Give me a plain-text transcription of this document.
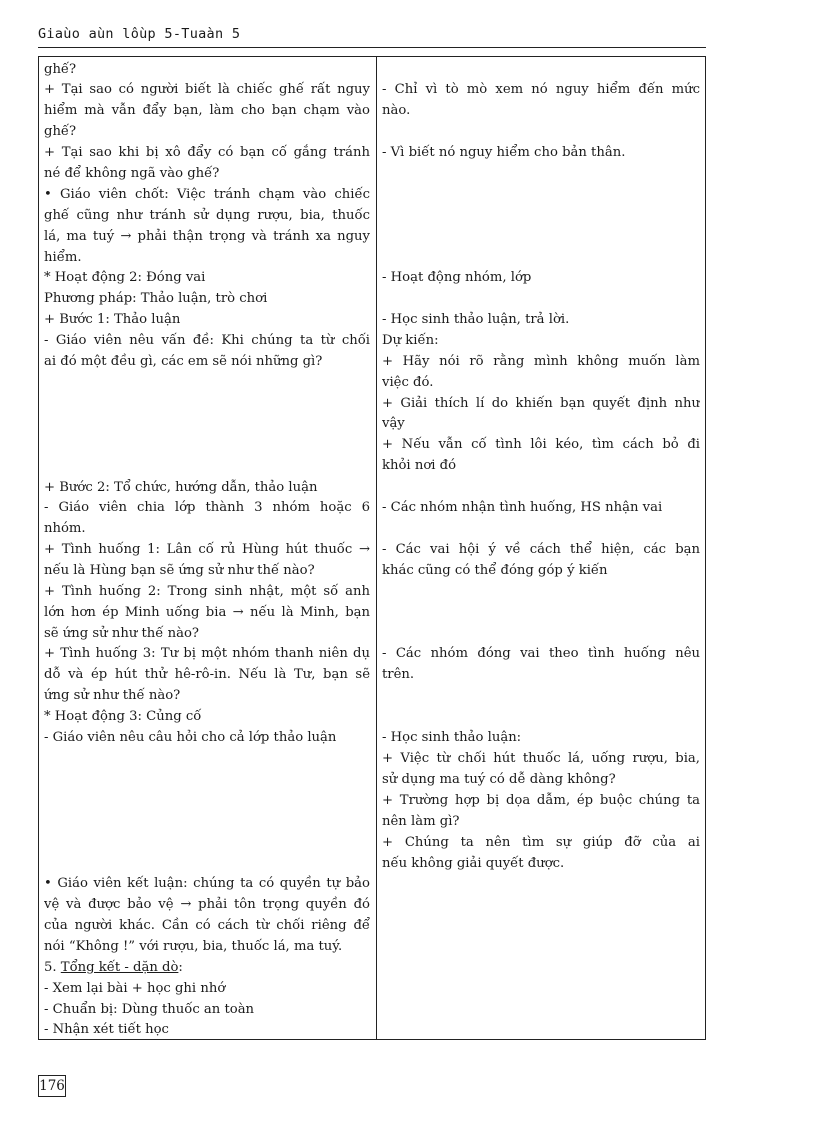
Giaùo aùn lôùp 5-Tuaàn 5
ghế?
+ Tại sao có người biết là chiếc ghế rất nguy
hiểm mà vẫn đẩy bạn, làm cho bạn chạm vào
ghế?
+ Tại sao khi bị xô đẩy có bạn cố gắng tránh
né để không ngã vào ghế?
• Giáo viên chốt: Việc tránh chạm vào chiếc
ghế cũng như tránh sử dụng rượu, bia, thuốc
lá, ma tuý → phải thận trọng và tránh xa nguy
hiểm.
* Hoạt động 2: Đóng vai
Phương pháp: Thảo luận, trò chơi
+ Bước 1: Thảo luận
- Giáo viên nêu vấn đề: Khi chúng ta từ chối
ai đó một đều gì, các em sẽ nói những gì?
+ Bước 2: Tổ chức, hướng dẫn, thảo luận
- Giáo viên chia lớp thành 3 nhóm hoặc 6
nhóm.
+ Tình huống 1: Lân cố rủ Hùng hút thuốc →
nếu là Hùng bạn sẽ ứng sử như thế nào?
+ Tình huống 2: Trong sinh nhật, một số anh
lớn hơn ép Minh uống bia → nếu là Minh, bạn
sẽ ứng sử như thế nào?
+ Tình huống 3: Tư bị một nhóm thanh niên dụ
dỗ và ép hút thử hê-rô-in. Nếu là Tư, bạn sẽ
ứng sử như thế nào?
* Hoạt động 3: Củng cố
- Giáo viên nêu câu hỏi cho cả lớp thảo luận
• Giáo viên kết luận: chúng ta có quyền tự bảo
vệ và được bảo vệ → phải tôn trọng quyền đó
của người khác. Cần có cách từ chối riêng để
nói “Không !” với rượu, bia, thuốc lá, ma tuý.
5. Tổng kết - dặn dò:
- Xem lại bài + học ghi nhớ
- Chuẩn bị: Dùng thuốc an toàn
- Nhận xét tiết học
- Chỉ vì tò mò xem nó nguy hiểm đến mức
nào.
- Vì biết nó nguy hiểm cho bản thân.
- Hoạt động nhóm, lớp
- Học sinh thảo luận, trả lời.
Dự kiến:
+ Hãy nói rõ rằng mình không muốn làm
việc đó.
+ Giải thích lí do khiến bạn quyết định như
vậy
+ Nếu vẫn cố tình lôi kéo, tìm cách bỏ đi
khỏi nơi đó
- Các nhóm nhận tình huống, HS nhận vai
- Các vai hội ý về cách thể hiện, các bạn
khác cũng có thể đóng góp ý kiến
- Các nhóm đóng vai theo tình huống nêu
trên.
- Học sinh thảo luận:
+ Việc từ chối hút thuốc lá, uống rượu, bia,
sử dụng ma tuý có dễ dàng không?
+ Trường hợp bị dọa dẫm, ép buộc chúng ta
nên làm gì?
+ Chúng ta nên tìm sự giúp đỡ của ai
nếu không giải quyết được.
176
